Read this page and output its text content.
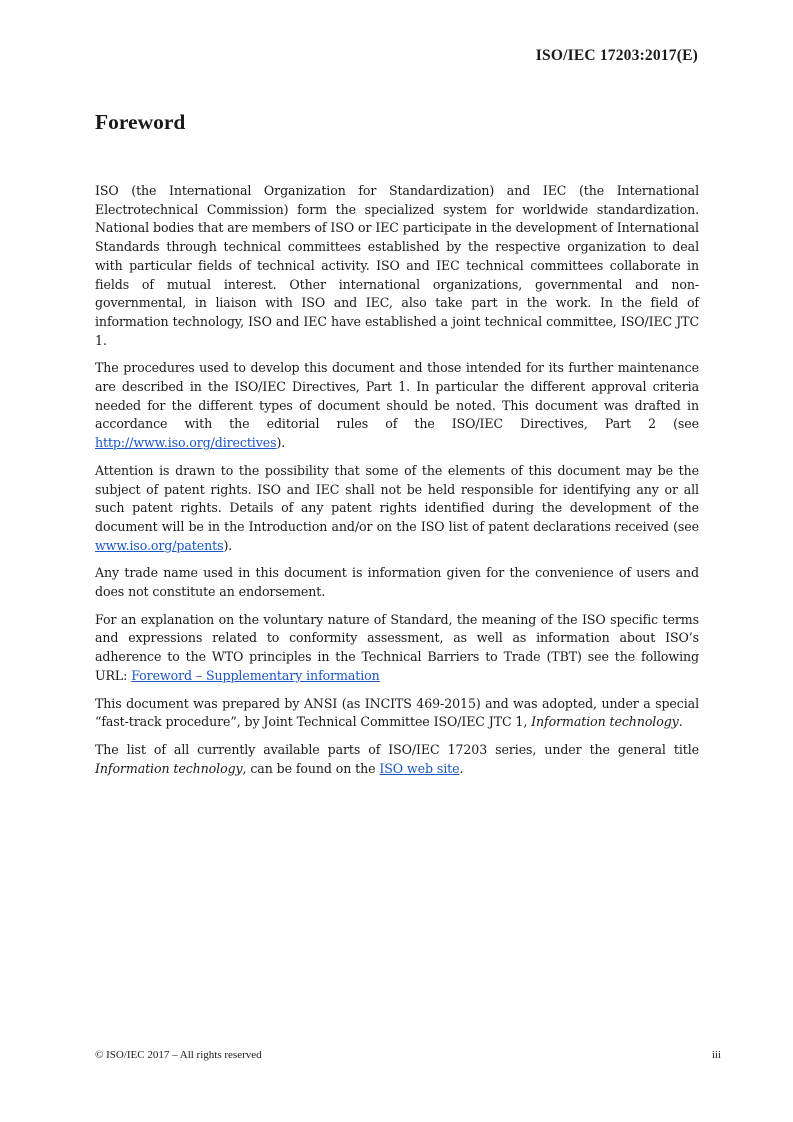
ISO/IEC 17203:2017(E)
Foreword

ISO (the International Organization for Standardization) and IEC (the International Electrotechnical Commission) form the specialized system for worldwide standardization. National bodies that are members of ISO or IEC participate in the development of International Standards through technical committees established by the respective organization to deal with particular fields of technical activity. ISO and IEC technical committees collaborate in fields of mutual interest. Other international organizations, governmental and non-governmental, in liaison with ISO and IEC, also take part in the work. In the field of information technology, ISO and IEC have established a joint technical committee, ISO/IEC JTC 1.

The procedures used to develop this document and those intended for its further maintenance are described in the ISO/IEC Directives, Part 1. In particular the different approval criteria needed for the different types of document should be noted. This document was drafted in accordance with the editorial rules of the ISO/IEC Directives, Part 2 (see http://www.iso.org/directives).

Attention is drawn to the possibility that some of the elements of this document may be the subject of patent rights. ISO and IEC shall not be held responsible for identifying any or all such patent rights. Details of any patent rights identified during the development of the document will be in the Introduction and/or on the ISO list of patent declarations received (see www.iso.org/patents).

Any trade name used in this document is information given for the convenience of users and does not constitute an endorsement.

For an explanation on the voluntary nature of Standard, the meaning of the ISO specific terms and expressions related to conformity assessment, as well as information about ISO’s adherence to the WTO principles in the Technical Barriers to Trade (TBT) see the following URL: Foreword – Supplementary information

This document was prepared by ANSI (as INCITS 469-2015) and was adopted, under a special “fast-track procedure”, by Joint Technical Committee ISO/IEC JTC 1, Information technology.

The list of all currently available parts of ISO/IEC 17203 series, under the general title Information technology, can be found on the ISO web site.

© ISO/IEC 2017 – All rights reserved	iii
